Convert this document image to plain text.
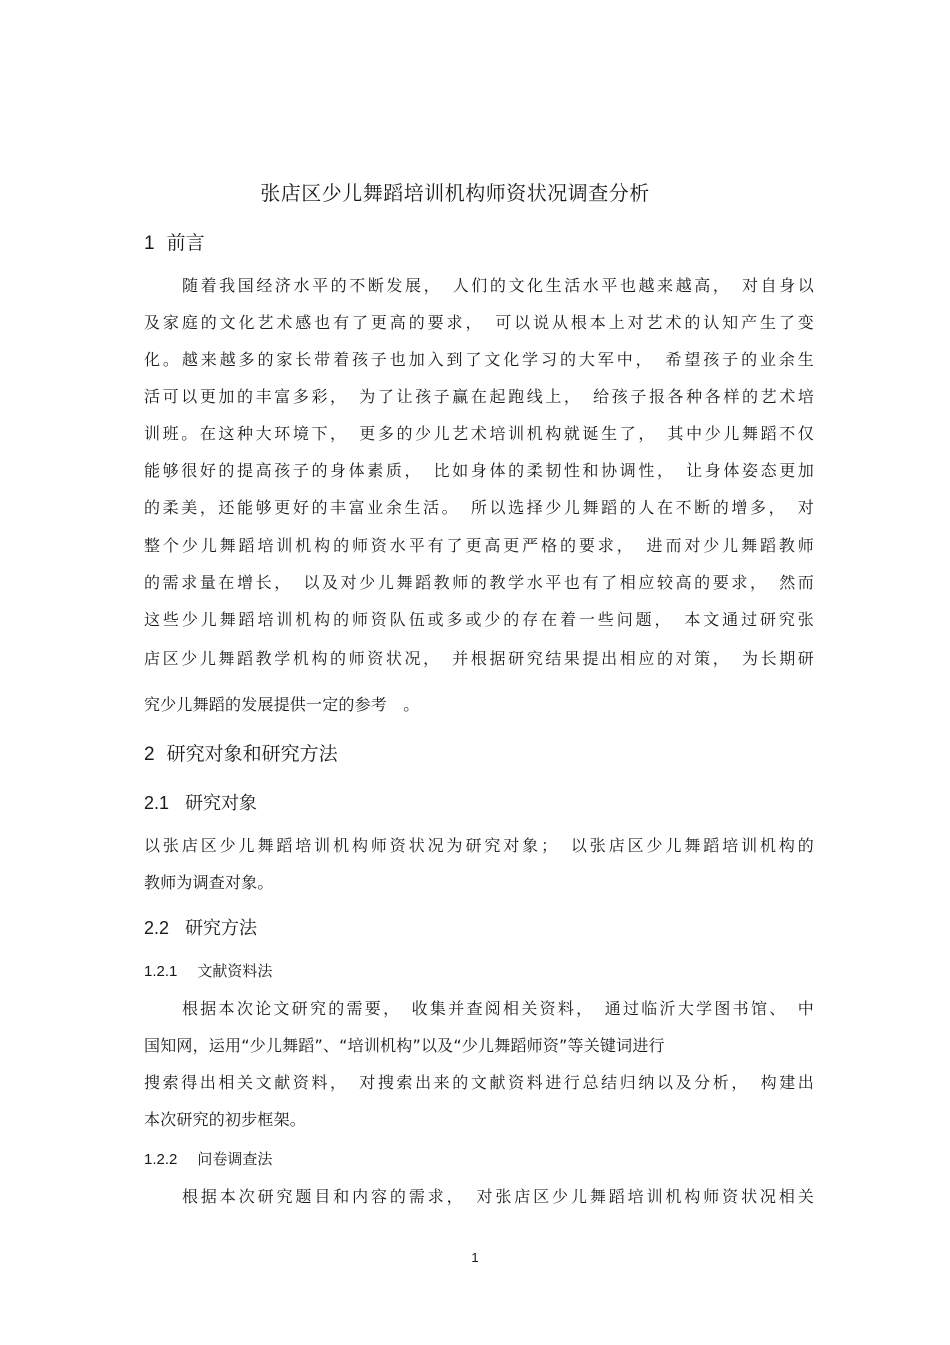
张店区少儿舞蹈培训机构师资状况调查分析
1 前言
随着我国经济水平的不断发展，　人们的文化生活水平也越来越高，　对自身以
及家庭的文化艺术感也有了更高的要求，　可以说从根本上对艺术的认知产生了变
化。越来越多的家长带着孩子也加入到了文化学习的大军中，　希望孩子的业余生
活可以更加的丰富多彩，　为了让孩子赢在起跑线上，　给孩子报各种各样的艺术培
训班。在这种大环境下，　更多的少儿艺术培训机构就诞生了，　其中少儿舞蹈不仅
能够很好的提高孩子的身体素质，　比如身体的柔韧性和协调性，　让身体姿态更加
的柔美，还能够更好的丰富业余生活。　所以选择少儿舞蹈的人在不断的增多，　对
整个少儿舞蹈培训机构的师资水平有了更高更严格的要求，　进而对少儿舞蹈教师
的需求量在增长，　以及对少儿舞蹈教师的教学水平也有了相应较高的要求，　然而
这些少儿舞蹈培训机构的师资队伍或多或少的存在着一些问题，　本文通过研究张
店区少儿舞蹈教学机构的师资状况，　并根据研究结果提出相应的对策，　为长期研
究少儿舞蹈的发展提供一定的参考　。
2 研究对象和研究方法
2.1 研究对象
以张店区少儿舞蹈培训机构师资状况为研究对象；　以张店区少儿舞蹈培训机构的
教师为调查对象。
2.2 研究方法
1.2.1 文献资料法
根据本次论文研究的需要，　收集并查阅相关资料，　通过临沂大学图书馆、　中
国知网，运用“少儿舞蹈”、“培训机构”以及“少儿舞蹈师资”等关键词进行
搜索得出相关文献资料，　对搜索出来的文献资料进行总结归纳以及分析，　构建出
本次研究的初步框架。
1.2.2 问卷调查法
根据本次研究题目和内容的需求，　对张店区少儿舞蹈培训机构师资状况相关
1
